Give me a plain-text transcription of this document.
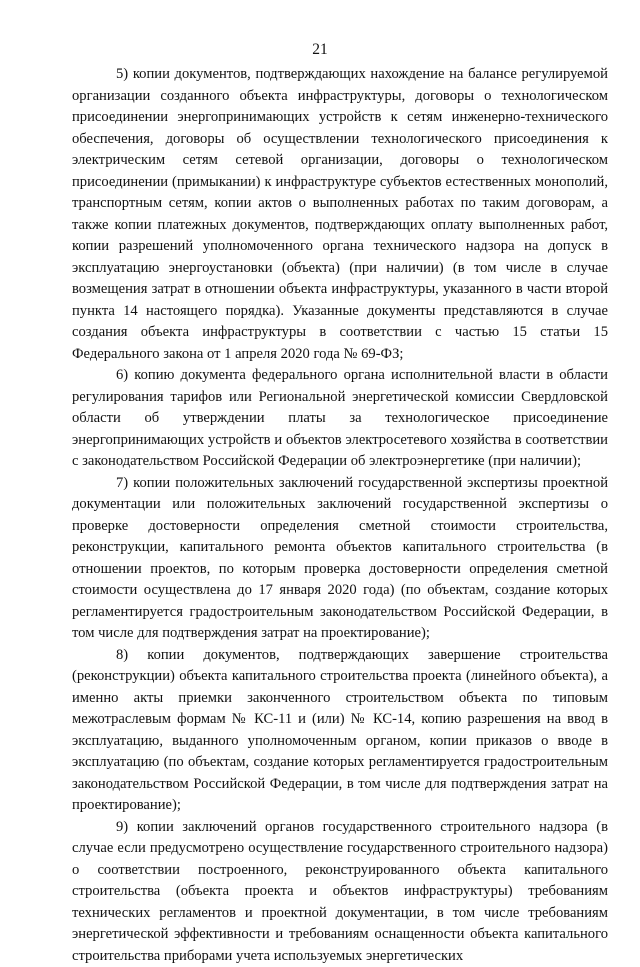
21

5) копии документов, подтверждающих нахождение на балансе регулируемой организации созданного объекта инфраструктуры, договоры о технологическом присоединении энергопринимающих устройств к сетям инженерно-технического обеспечения, договоры об осуществлении технологического присоединения к электрическим сетям сетевой организации, договоры о технологическом присоединении (примыкании) к инфраструктуре субъектов естественных монополий, транспортным сетям, копии актов о выполненных работах по таким договорам, а также копии платежных документов, подтверждающих оплату выполненных работ, копии разрешений уполномоченного органа технического надзора на допуск в эксплуатацию энергоустановки (объекта) (при наличии) (в том числе в случае возмещения затрат в отношении объекта инфраструктуры, указанного в части второй пункта 14 настоящего порядка). Указанные документы представляются в случае создания объекта инфраструктуры в соответствии с частью 15 статьи 15 Федерального закона от 1 апреля 2020 года № 69-ФЗ;

6) копию документа федерального органа исполнительной власти в области регулирования тарифов или Региональной энергетической комиссии Свердловской области об утверждении платы за технологическое присоединение энергопринимающих устройств и объектов электросетевого хозяйства в соответствии с законодательством Российской Федерации об электроэнергетике (при наличии);

7) копии положительных заключений государственной экспертизы проектной документации или положительных заключений государственной экспертизы о проверке достоверности определения сметной стоимости строительства, реконструкции, капитального ремонта объектов капитального строительства (в отношении проектов, по которым проверка достоверности определения сметной стоимости осуществлена до 17 января 2020 года) (по объектам, создание которых регламентируется градостроительным законодательством Российской Федерации, в том числе для подтверждения затрат на проектирование);

8) копии документов, подтверждающих завершение строительства (реконструкции) объекта капитального строительства проекта (линейного объекта), а именно акты приемки законченного строительством объекта по типовым межотраслевым формам № КС-11 и (или) № КС-14, копию разрешения на ввод в эксплуатацию, выданного уполномоченным органом, копии приказов о вводе в эксплуатацию (по объектам, создание которых регламентируется градостроительным законодательством Российской Федерации, в том числе для подтверждения затрат на проектирование);

9) копии заключений органов государственного строительного надзора (в случае если предусмотрено осуществление государственного строительного надзора) о соответствии построенного, реконструированного объекта капитального строительства (объекта проекта и объектов инфраструктуры) требованиям технических регламентов и проектной документации, в том числе требованиям энергетической эффективности и требованиям оснащенности объекта капитального строительства приборами учета используемых энергетических
